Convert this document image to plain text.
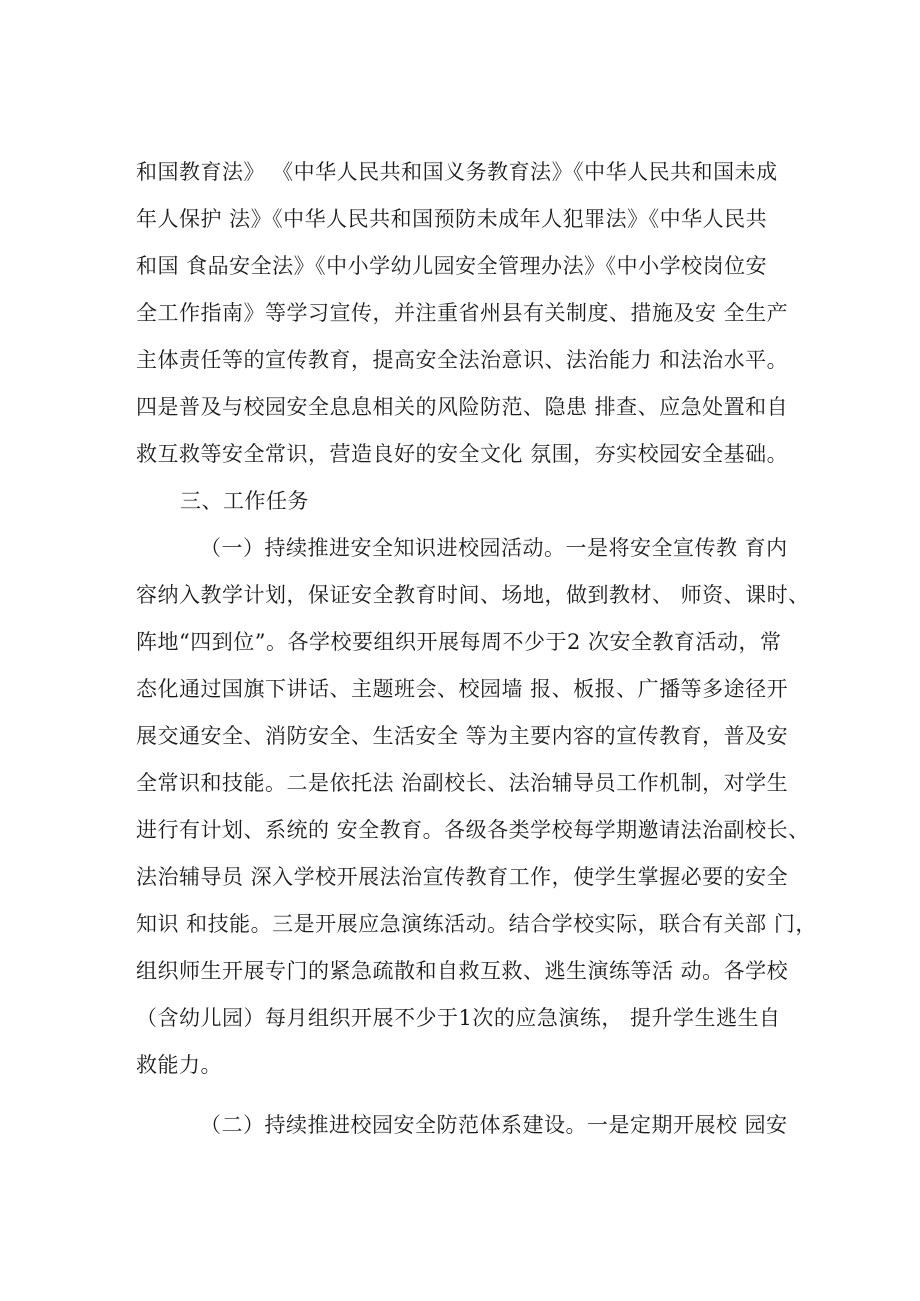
和国教育法》 《中华人民共和国义务教育法》《中华人民共和国未成
年人保护 法》《中华人民共和国预防未成年人犯罪法》《中华人民共
和国 食品安全法》《中小学幼儿园安全管理办法》《中小学校岗位安
全工作指南》等学习宣传，并注重省州县有关制度、措施及安 全生产
主体责任等的宣传教育，提高安全法治意识、法治能力 和法治水平。
四是普及与校园安全息息相关的风险防范、隐患 排查、应急处置和自
救互救等安全常识，营造良好的安全文化 氛围，夯实校园安全基础。
三、工作任务
（一）持续推进安全知识进校园活动。一是将安全宣传教 育内
容纳入教学计划，保证安全教育时间、场地，做到教材、 师资、课时、
阵地“四到位”。各学校要组织开展每周不少于2 次安全教育活动，常
态化通过国旗下讲话、主题班会、校园墙 报、板报、广播等多途径开
展交通安全、消防安全、生活安全 等为主要内容的宣传教育，普及安
全常识和技能。二是依托法 治副校长、法治辅导员工作机制，对学生
进行有计划、系统的 安全教育。各级各类学校每学期邀请法治副校长、
法治辅导员 深入学校开展法治宣传教育工作，使学生掌握必要的安全
知识 和技能。三是开展应急演练活动。结合学校实际，联合有关部 门，
组织师生开展专门的紧急疏散和自救互救、逃生演练等活 动。各学校
（含幼儿园）每月组织开展不少于1次的应急演练， 提升学生逃生自
救能力。
（二）持续推进校园安全防范体系建设。一是定期开展校 园安
